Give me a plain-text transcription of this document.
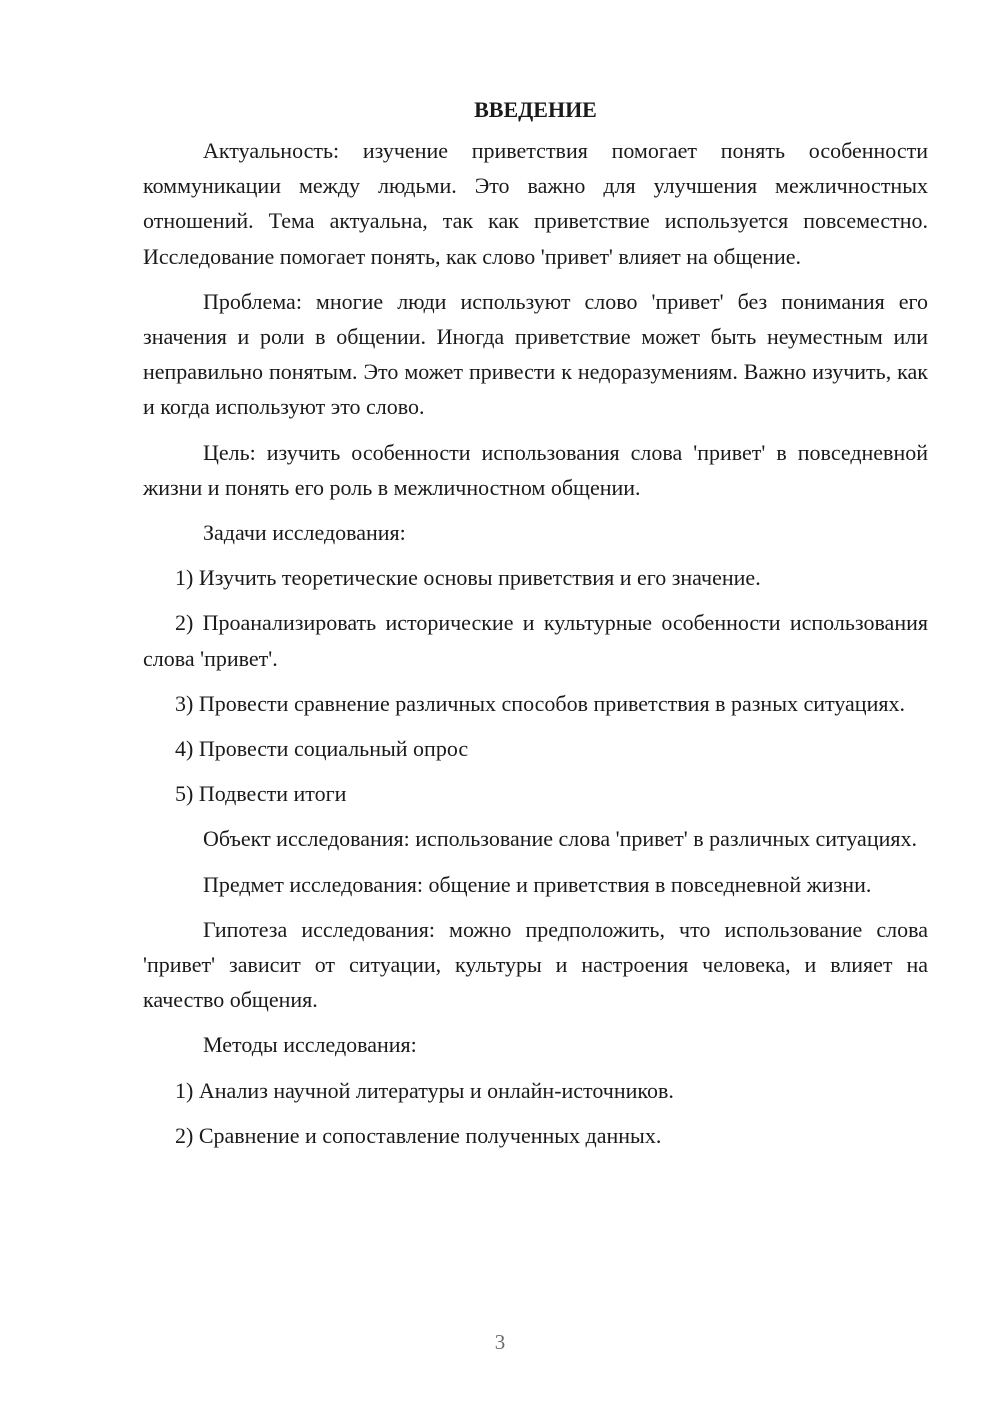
ВВЕДЕНИЕ
Актуальность: изучение приветствия помогает понять особенности коммуникации между людьми. Это важно для улучшения межличностных отношений. Тема актуальна, так как приветствие используется повсеместно. Исследование помогает понять, как слово 'привет' влияет на общение.
Проблема: многие люди используют слово 'привет' без понимания его значения и роли в общении. Иногда приветствие может быть неуместным или неправильно понятым. Это может привести к недоразумениям. Важно изучить, как и когда используют это слово.
Цель: изучить особенности использования слова 'привет' в повседневной жизни и понять его роль в межличностном общении.
Задачи исследования:
1) Изучить теоретические основы приветствия и его значение.
2) Проанализировать исторические и культурные особенности использования слова 'привет'.
3) Провести сравнение различных способов приветствия в разных ситуациях.
4) Провести социальный опрос
5) Подвести итоги
Объект исследования: использование слова 'привет' в различных ситуациях.
Предмет исследования: общение и приветствия в повседневной жизни.
Гипотеза исследования: можно предположить, что использование слова 'привет' зависит от ситуации, культуры и настроения человека, и влияет на качество общения.
Методы исследования:
1) Анализ научной литературы и онлайн-источников.
2) Сравнение и сопоставление полученных данных.
3
